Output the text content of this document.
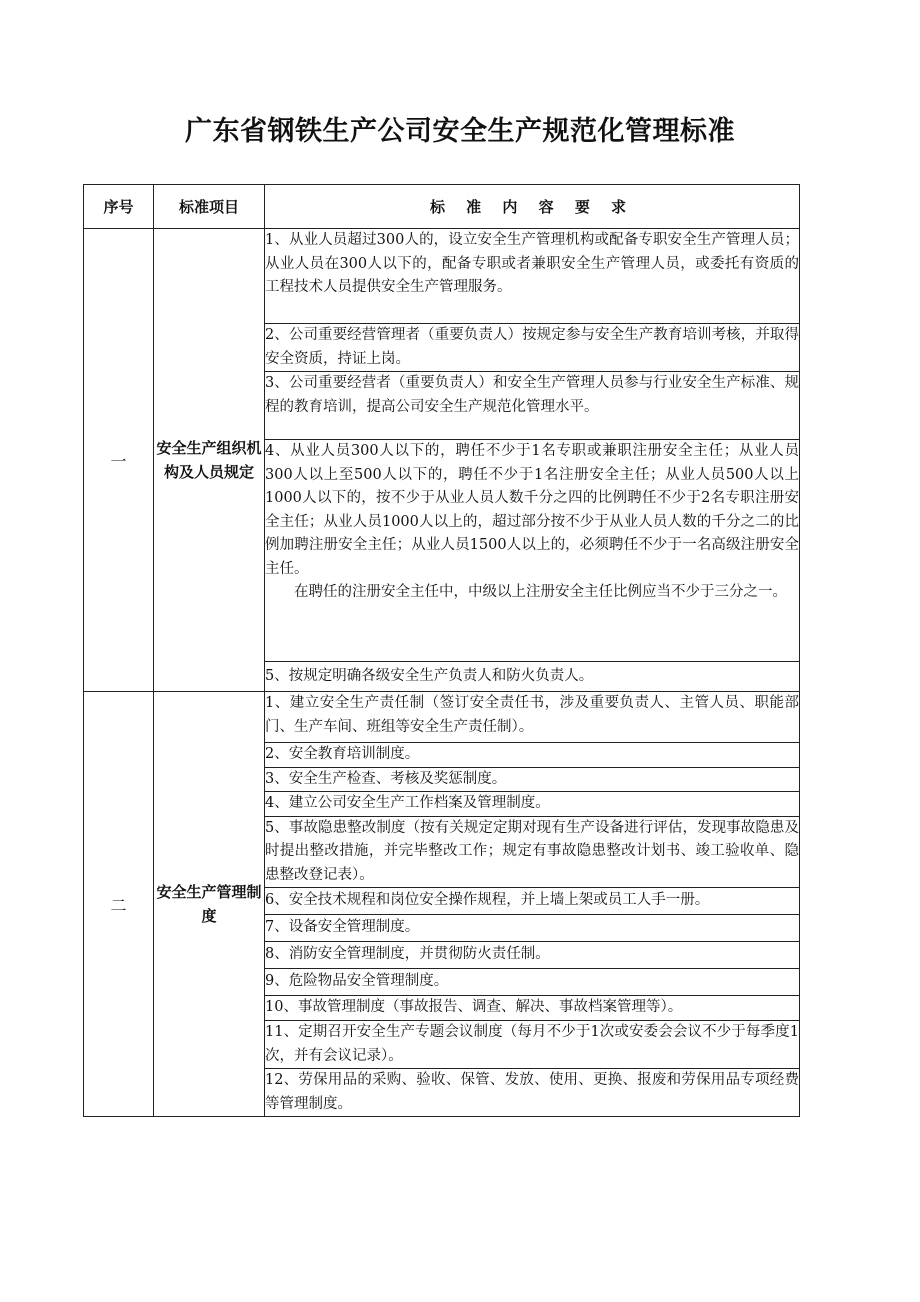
广东省钢铁生产公司安全生产规范化管理标准
序号	标准项目	标 准 内 容 要 求
一	安全生产组织机构及人员规定	1、从业人员超过300人的，设立安全生产管理机构或配备专职安全生产管理人员；从业人员在300人以下的，配备专职或者兼职安全生产管理人员，或委托有资质的工程技术人员提供安全生产管理服务。
		2、公司重要经营管理者（重要负责人）按规定参与安全生产教育培训考核，并取得安全资质，持证上岗。
		3、公司重要经营者（重要负责人）和安全生产管理人员参与行业安全生产标准、规程的教育培训，提高公司安全生产规范化管理水平。
		4、从业人员300人以下的，聘任不少于1名专职或兼职注册安全主任；从业人员300人以上至500人以下的，聘任不少于1名注册安全主任；从业人员500人以上1000人以下的，按不少于从业人员人数千分之四的比例聘任不少于2名专职注册安全主任；从业人员1000人以上的，超过部分按不少于从业人员人数的千分之二的比例加聘注册安全主任；从业人员1500人以上的，必须聘任不少于一名高级注册安全主任。
在聘任的注册安全主任中，中级以上注册安全主任比例应当不少于三分之一。

		5、按规定明确各级安全生产负责人和防火负责人。
二	安全生产管理制度	1、建立安全生产责任制（签订安全责任书，涉及重要负责人、主管人员、职能部门、生产车间、班组等安全生产责任制）。
		2、安全教育培训制度。
		3、安全生产检查、考核及奖惩制度。
		4、建立公司安全生产工作档案及管理制度。
		5、事故隐患整改制度（按有关规定定期对现有生产设备进行评估，发现事故隐患及时提出整改措施，并完毕整改工作；规定有事故隐患整改计划书、竣工验收单、隐患整改登记表）。
		6、安全技术规程和岗位安全操作规程，并上墙上架或员工人手一册。
		7、设备安全管理制度。
		8、消防安全管理制度，并贯彻防火责任制。
		9、危险物品安全管理制度。
		10、事故管理制度（事故报告、调查、解决、事故档案管理等）。
		11、定期召开安全生产专题会议制度（每月不少于1次或安委会会议不少于每季度1次，并有会议记录）。
		12、劳保用品的采购、验收、保管、发放、使用、更换、报废和劳保用品专项经费等管理制度。
